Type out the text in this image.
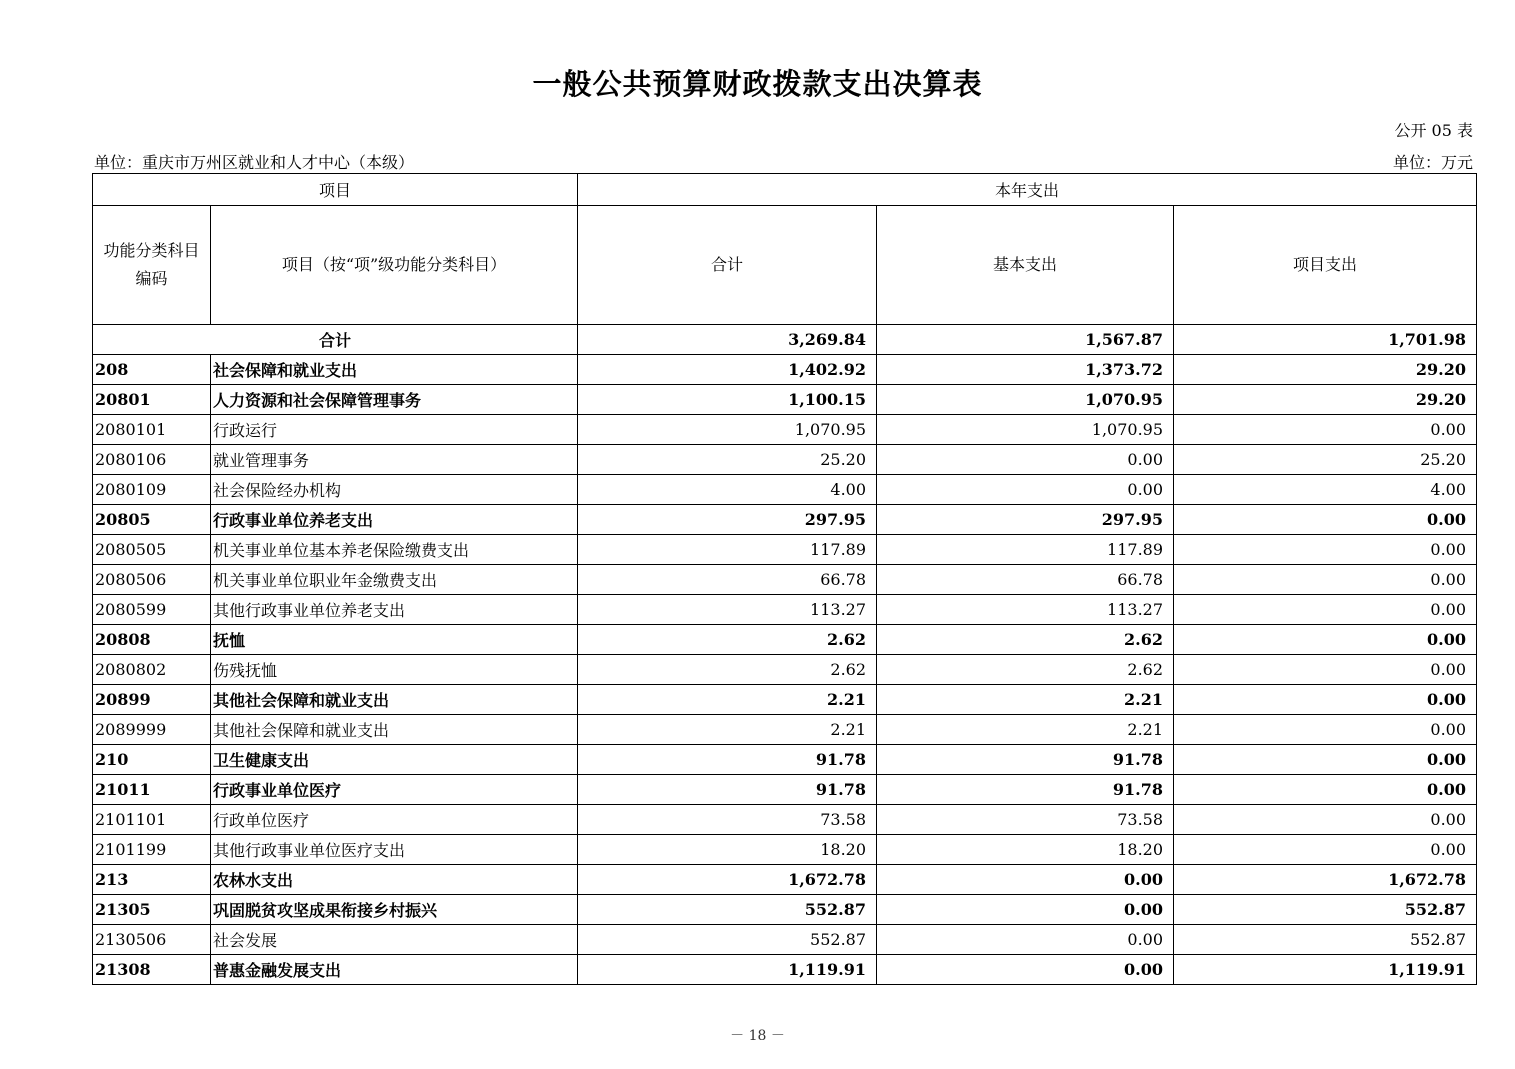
一般公共预算财政拨款支出决算表
公开 05 表
单位：重庆市万州区就业和人才中心（本级）	单位：万元
项目		本年支出		
功能分类科目编码	项目（按“项”级功能分类科目）	合计	基本支出	项目支出
合计		3,269.84	1,567.87	1,701.98
208	社会保障和就业支出	1,402.92	1,373.72	29.20
20801	人力资源和社会保障管理事务	1,100.15	1,070.95	29.20
2080101	行政运行	1,070.95	1,070.95	0.00
2080106	就业管理事务	25.20	0.00	25.20
2080109	社会保险经办机构	4.00	0.00	4.00
20805	行政事业单位养老支出	297.95	297.95	0.00
2080505	机关事业单位基本养老保险缴费支出	117.89	117.89	0.00
2080506	机关事业单位职业年金缴费支出	66.78	66.78	0.00
2080599	其他行政事业单位养老支出	113.27	113.27	0.00
20808	抚恤	2.62	2.62	0.00
2080802	伤残抚恤	2.62	2.62	0.00
20899	其他社会保障和就业支出	2.21	2.21	0.00
2089999	其他社会保障和就业支出	2.21	2.21	0.00
210	卫生健康支出	91.78	91.78	0.00
21011	行政事业单位医疗	91.78	91.78	0.00
2101101	行政单位医疗	73.58	73.58	0.00
2101199	其他行政事业单位医疗支出	18.20	18.20	0.00
213	农林水支出	1,672.78	0.00	1,672.78
21305	巩固脱贫攻坚成果衔接乡村振兴	552.87	0.00	552.87
2130506	社会发展	552.87	0.00	552.87
21308	普惠金融发展支出	1,119.91	0.00	1,119.91
－ 18 －
